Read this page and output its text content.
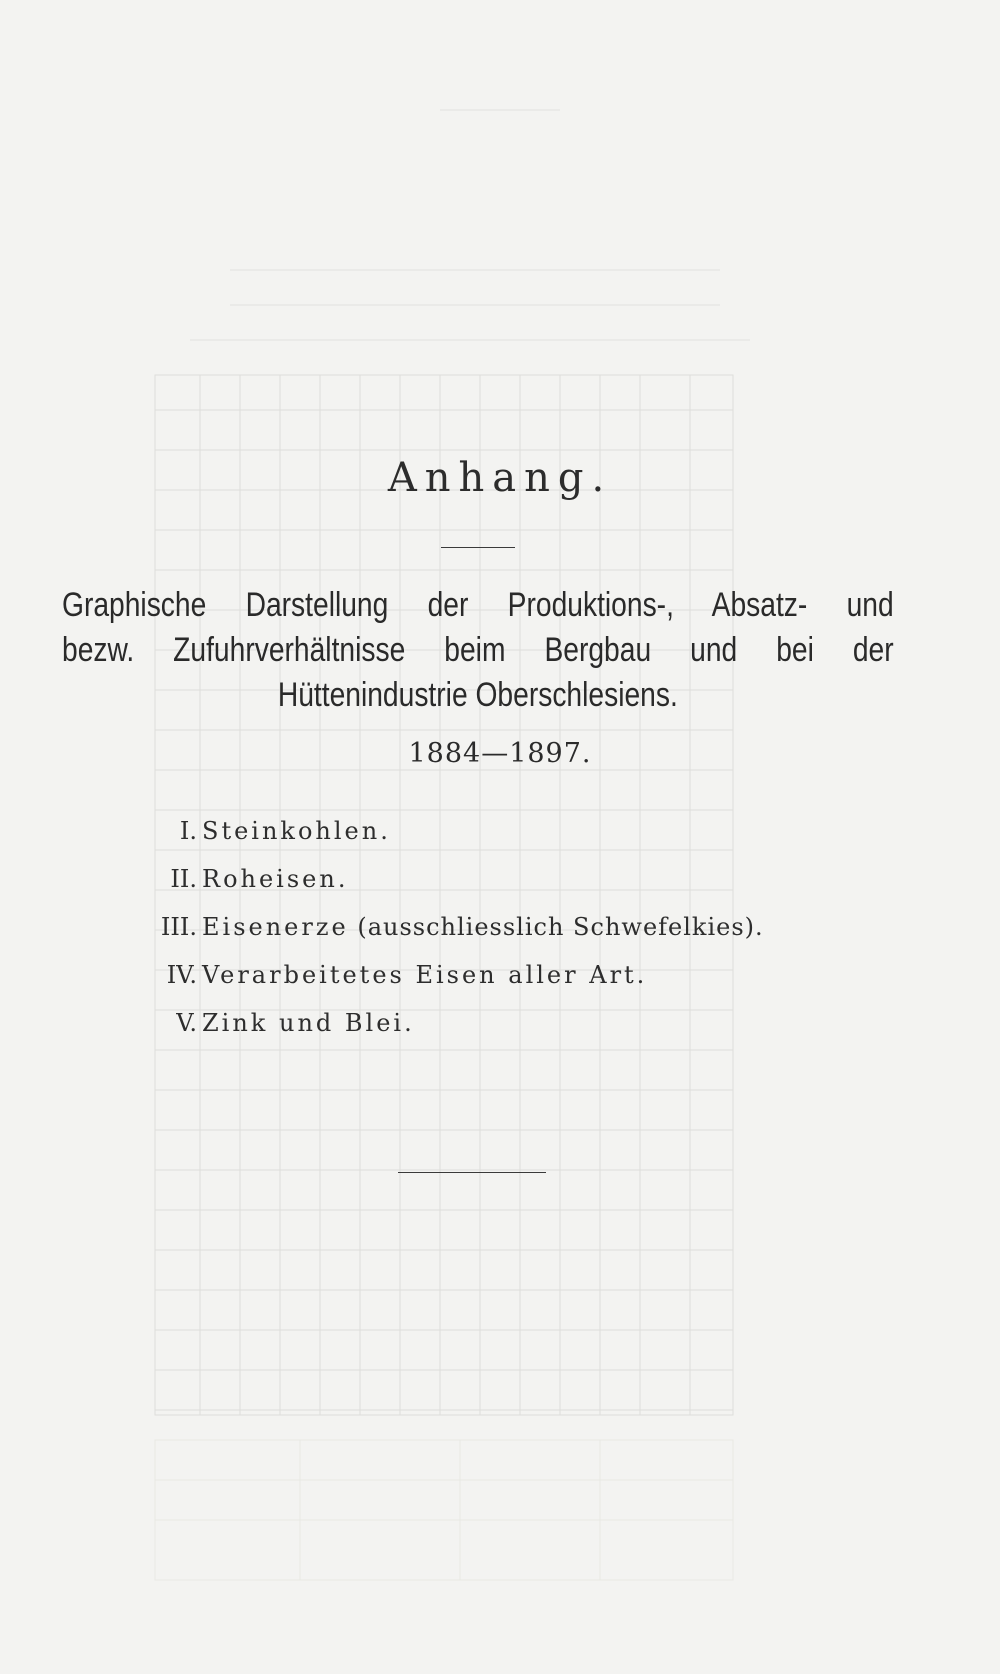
Anhang.
Graphische Darstellung der Produktions-, Absatz- und
bezw. Zufuhrverhältnisse beim Bergbau und bei der
Hüttenindustrie Oberschlesiens.
1884—1897.
I. Steinkohlen.
II. Roheisen.
III. Eisenerze (ausschliesslich Schwefelkies).
IV. Verarbeitetes Eisen aller Art.
V. Zink und Blei.
